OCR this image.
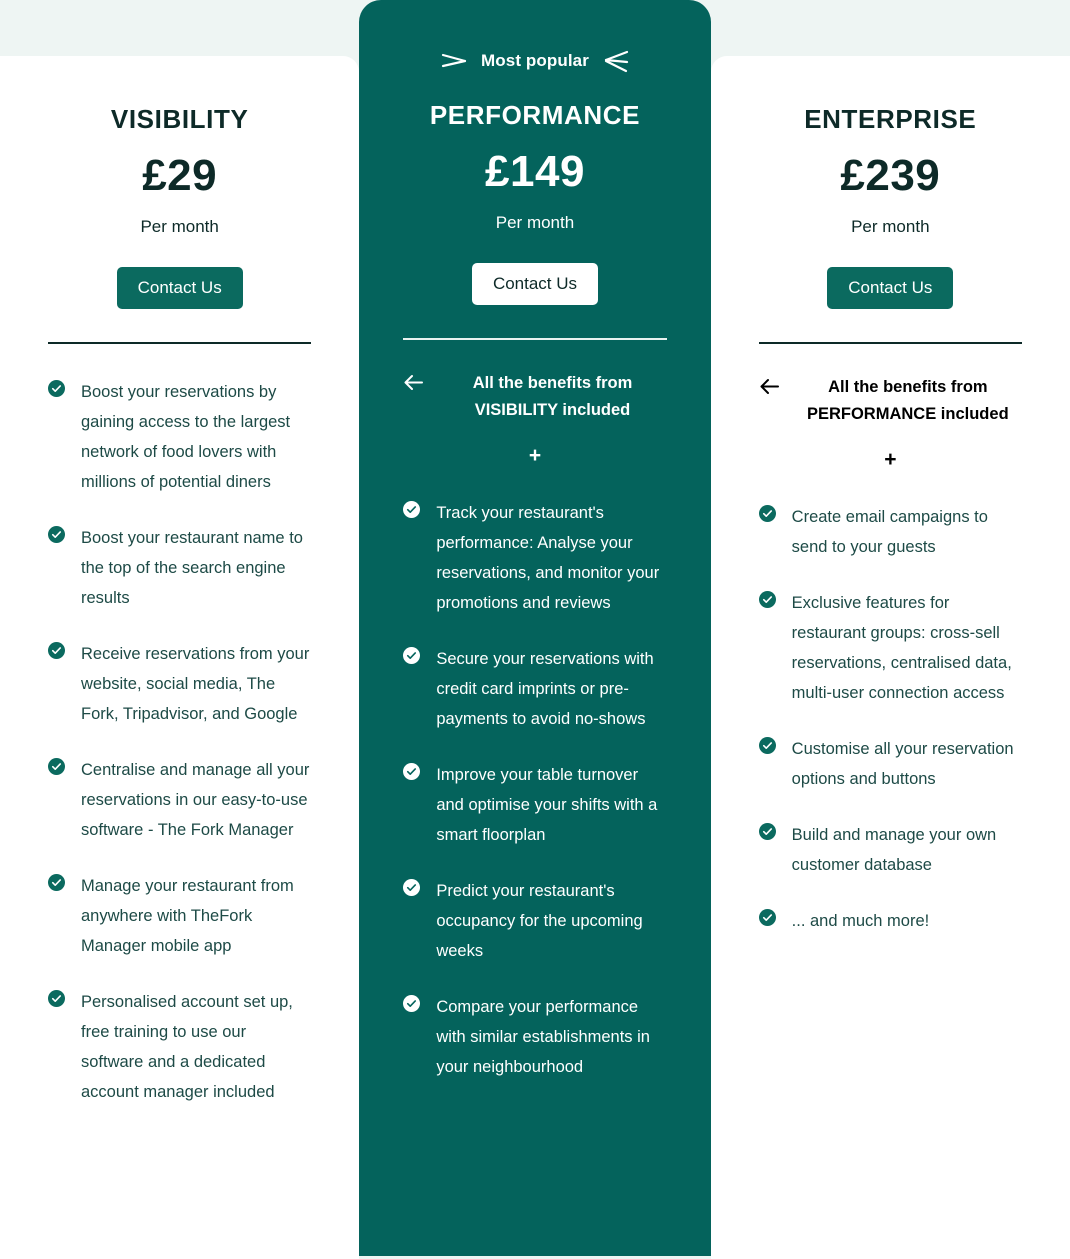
VISIBILITY
£29
Per month
Contact Us
Boost your reservations by gaining access to the largest network of food lovers with millions of potential diners
Boost your restaurant name to the top of the search engine results
Receive reservations from your website, social media, The Fork, Tripadvisor, and Google
Centralise and manage all your reservations in our easy-to-use software - The Fork Manager
Manage your restaurant from anywhere with TheFork Manager mobile app
Personalised account set up, free training to use our software and a dedicated account manager included
Most popular
PERFORMANCE
£149
Per month
Contact Us
All the benefits from VISIBILITY included
+
Track your restaurant's performance: Analyse your reservations, and monitor your promotions and reviews
Secure your reservations with credit card imprints or pre-payments to avoid no-shows
Improve your table turnover and optimise your shifts with a smart floorplan
Predict your restaurant's occupancy for the upcoming weeks
Compare your performance with similar establishments in your neighbourhood
ENTERPRISE
£239
Per month
Contact Us
All the benefits from PERFORMANCE included
+
Create email campaigns to send to your guests
Exclusive features for restaurant groups: cross-sell reservations, centralised data, multi-user connection access
Customise all your reservation options and buttons
Build and manage your own customer database
... and much more!
